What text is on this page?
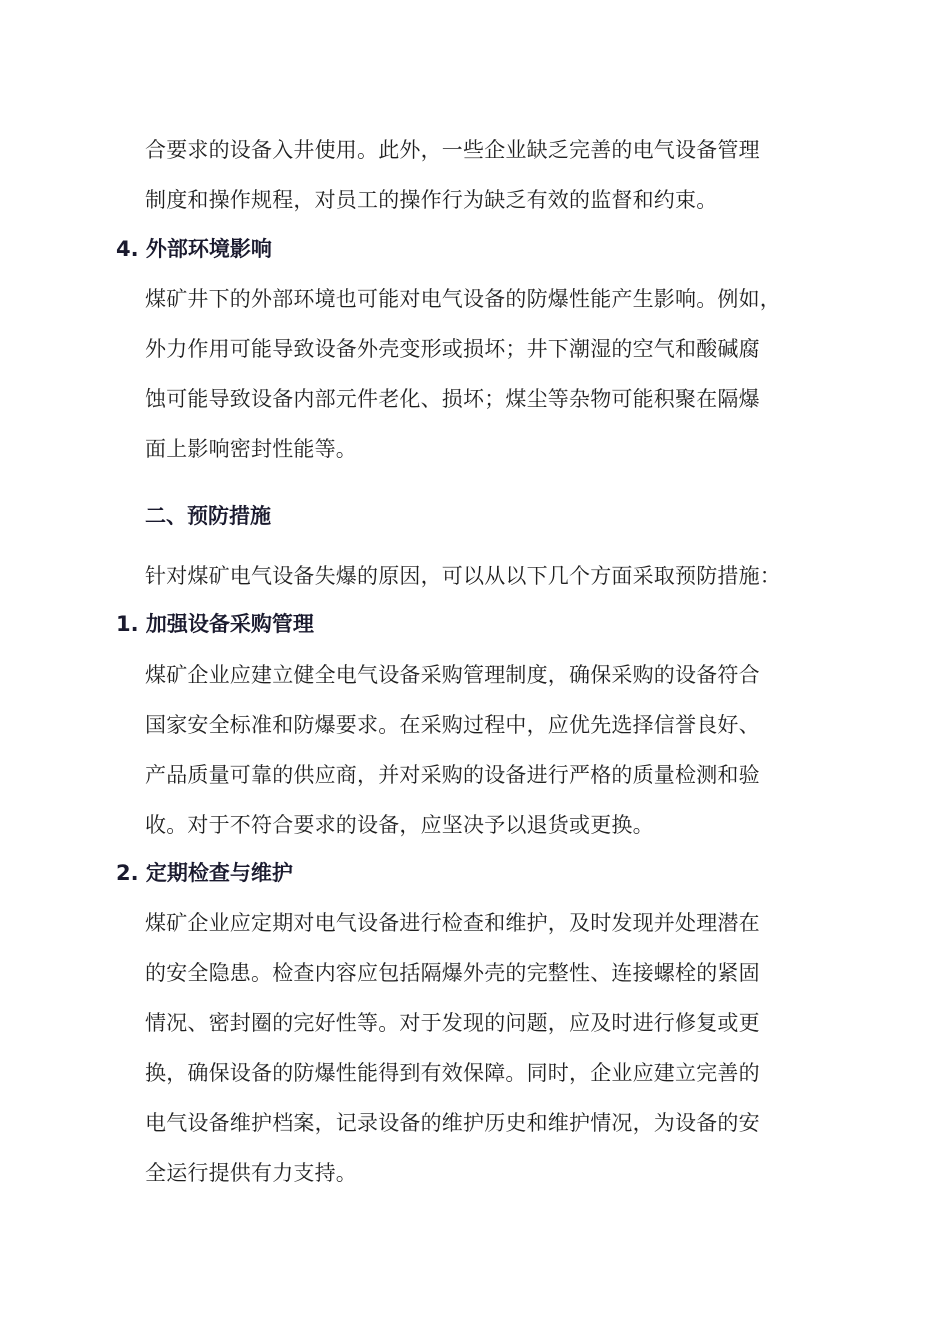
合要求的设备入井使用。此外，一些企业缺乏完善的电气设备管理
制度和操作规程，对员工的操作行为缺乏有效的监督和约束。
4. 外部环境影响
煤矿井下的外部环境也可能对电气设备的防爆性能产生影响。例如，
外力作用可能导致设备外壳变形或损坏；井下潮湿的空气和酸碱腐
蚀可能导致设备内部元件老化、损坏；煤尘等杂物可能积聚在隔爆
面上影响密封性能等。
二、预防措施
针对煤矿电气设备失爆的原因，可以从以下几个方面采取预防措施：
1. 加强设备采购管理
煤矿企业应建立健全电气设备采购管理制度，确保采购的设备符合
国家安全标准和防爆要求。在采购过程中，应优先选择信誉良好、
产品质量可靠的供应商，并对采购的设备进行严格的质量检测和验
收。对于不符合要求的设备，应坚决予以退货或更换。
2. 定期检查与维护
煤矿企业应定期对电气设备进行检查和维护，及时发现并处理潜在
的安全隐患。检查内容应包括隔爆外壳的完整性、连接螺栓的紧固
情况、密封圈的完好性等。对于发现的问题，应及时进行修复或更
换，确保设备的防爆性能得到有效保障。同时，企业应建立完善的
电气设备维护档案，记录设备的维护历史和维护情况，为设备的安
全运行提供有力支持。
